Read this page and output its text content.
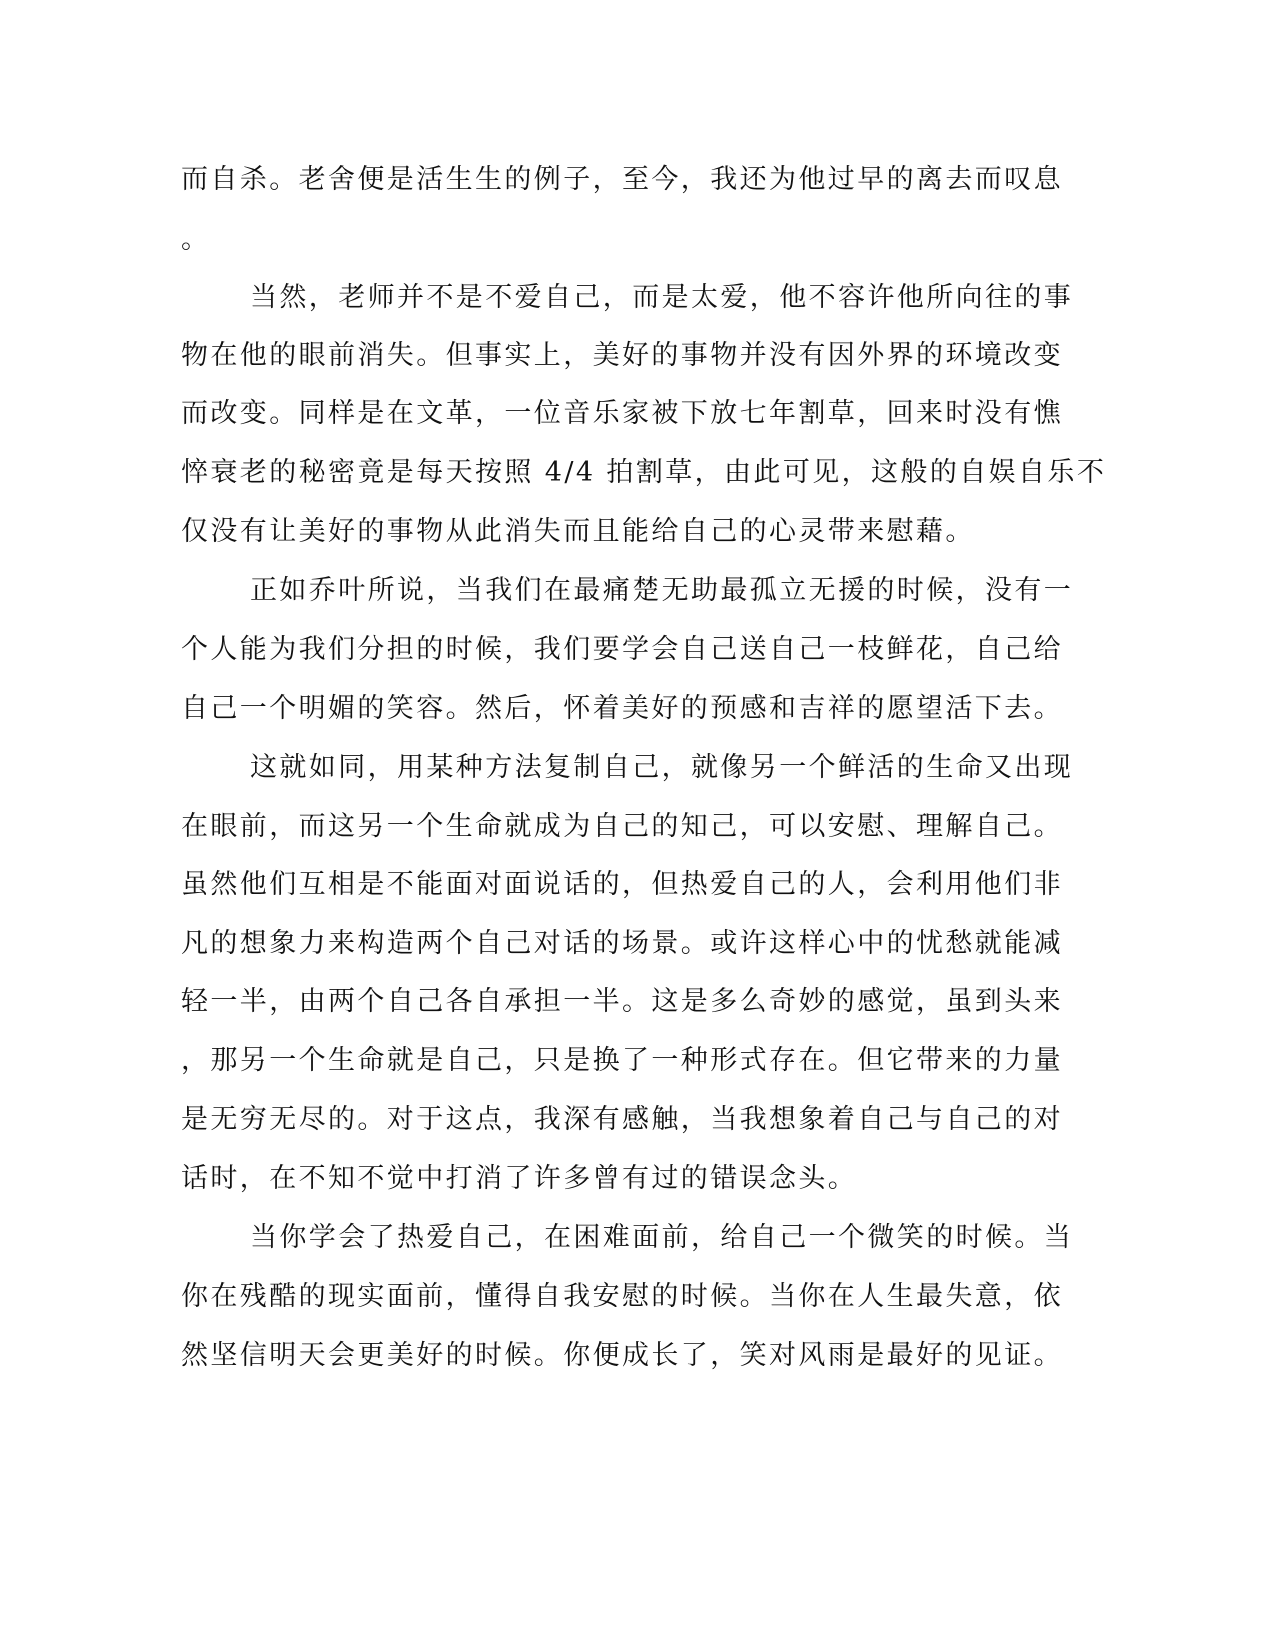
而自杀。老舍便是活生生的例子，至今，我还为他过早的离去而叹息
。
当然，老师并不是不爱自己，而是太爱，他不容许他所向往的事
物在他的眼前消失。但事实上，美好的事物并没有因外界的环境改变
而改变。同样是在文革，一位音乐家被下放七年割草，回来时没有憔
悴衰老的秘密竟是每天按照 4/4 拍割草，由此可见，这般的自娱自乐不
仅没有让美好的事物从此消失而且能给自己的心灵带来慰藉。
正如乔叶所说，当我们在最痛楚无助最孤立无援的时候，没有一
个人能为我们分担的时候，我们要学会自己送自己一枝鲜花，自己给
自己一个明媚的笑容。然后，怀着美好的预感和吉祥的愿望活下去。
这就如同，用某种方法复制自己，就像另一个鲜活的生命又出现
在眼前，而这另一个生命就成为自己的知己，可以安慰、理解自己。
虽然他们互相是不能面对面说话的，但热爱自己的人，会利用他们非
凡的想象力来构造两个自己对话的场景。或许这样心中的忧愁就能减
轻一半，由两个自己各自承担一半。这是多么奇妙的感觉，虽到头来
，那另一个生命就是自己，只是换了一种形式存在。但它带来的力量
是无穷无尽的。对于这点，我深有感触，当我想象着自己与自己的对
话时，在不知不觉中打消了许多曾有过的错误念头。
当你学会了热爱自己，在困难面前，给自己一个微笑的时候。当
你在残酷的现实面前，懂得自我安慰的时候。当你在人生最失意，依
然坚信明天会更美好的时候。你便成长了，笑对风雨是最好的见证。
